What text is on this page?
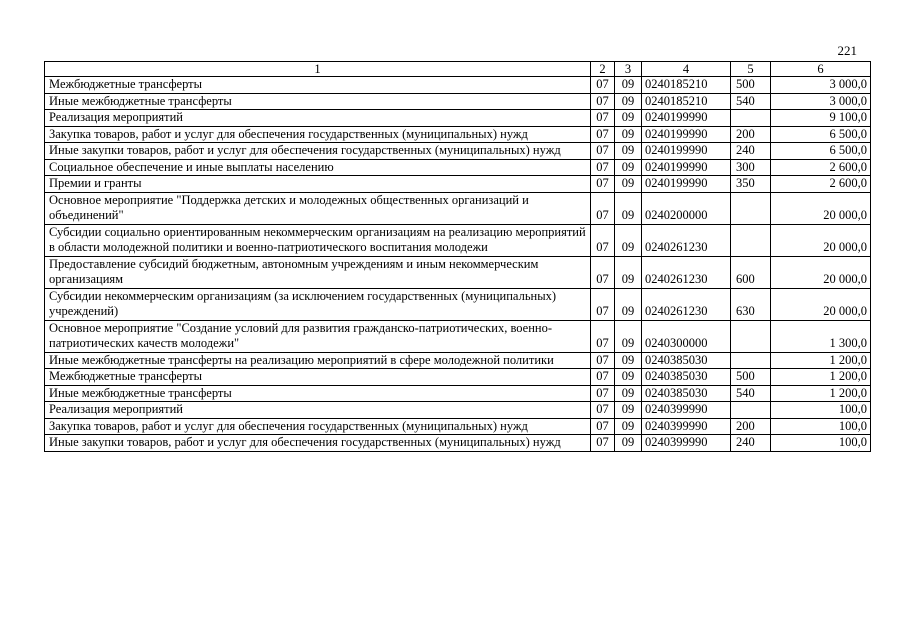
221
1	2	3	4	5	6
Межбюджетные трансферты	07	09	0240185210	500	3 000,0
Иные межбюджетные трансферты	07	09	0240185210	540	3 000,0
Реализация мероприятий	07	09	0240199990		9 100,0
Закупка товаров, работ и услуг для обеспечения государственных (муниципальных) нужд	07	09	0240199990	200	6 500,0
Иные закупки товаров, работ и услуг для обеспечения государственных (муниципальных) нужд	07	09	0240199990	240	6 500,0
Социальное обеспечение и иные выплаты населению	07	09	0240199990	300	2 600,0
Премии и гранты	07	09	0240199990	350	2 600,0
Основное мероприятие "Поддержка детских и молодежных общественных организаций и объединений"	07	09	0240200000		20 000,0
Субсидии социально ориентированным некоммерческим организациям на реализацию мероприятий в области молодежной политики и военно-патриотического воспитания молодежи	07	09	0240261230		20 000,0
Предоставление субсидий бюджетным, автономным учреждениям и иным некоммерческим организациям	07	09	0240261230	600	20 000,0
Субсидии некоммерческим организациям (за исключением государственных (муниципальных) учреждений)	07	09	0240261230	630	20 000,0
Основное мероприятие "Создание условий для развития гражданско-патриотических, военно-патриотических качеств молодежи"	07	09	0240300000		1 300,0
Иные межбюджетные трансферты на реализацию мероприятий в сфере молодежной политики	07	09	0240385030		1 200,0
Межбюджетные трансферты	07	09	0240385030	500	1 200,0
Иные межбюджетные трансферты	07	09	0240385030	540	1 200,0
Реализация мероприятий	07	09	0240399990		100,0
Закупка товаров, работ и услуг для обеспечения государственных (муниципальных) нужд	07	09	0240399990	200	100,0
Иные закупки товаров, работ и услуг для обеспечения государственных (муниципальных) нужд	07	09	0240399990	240	100,0
